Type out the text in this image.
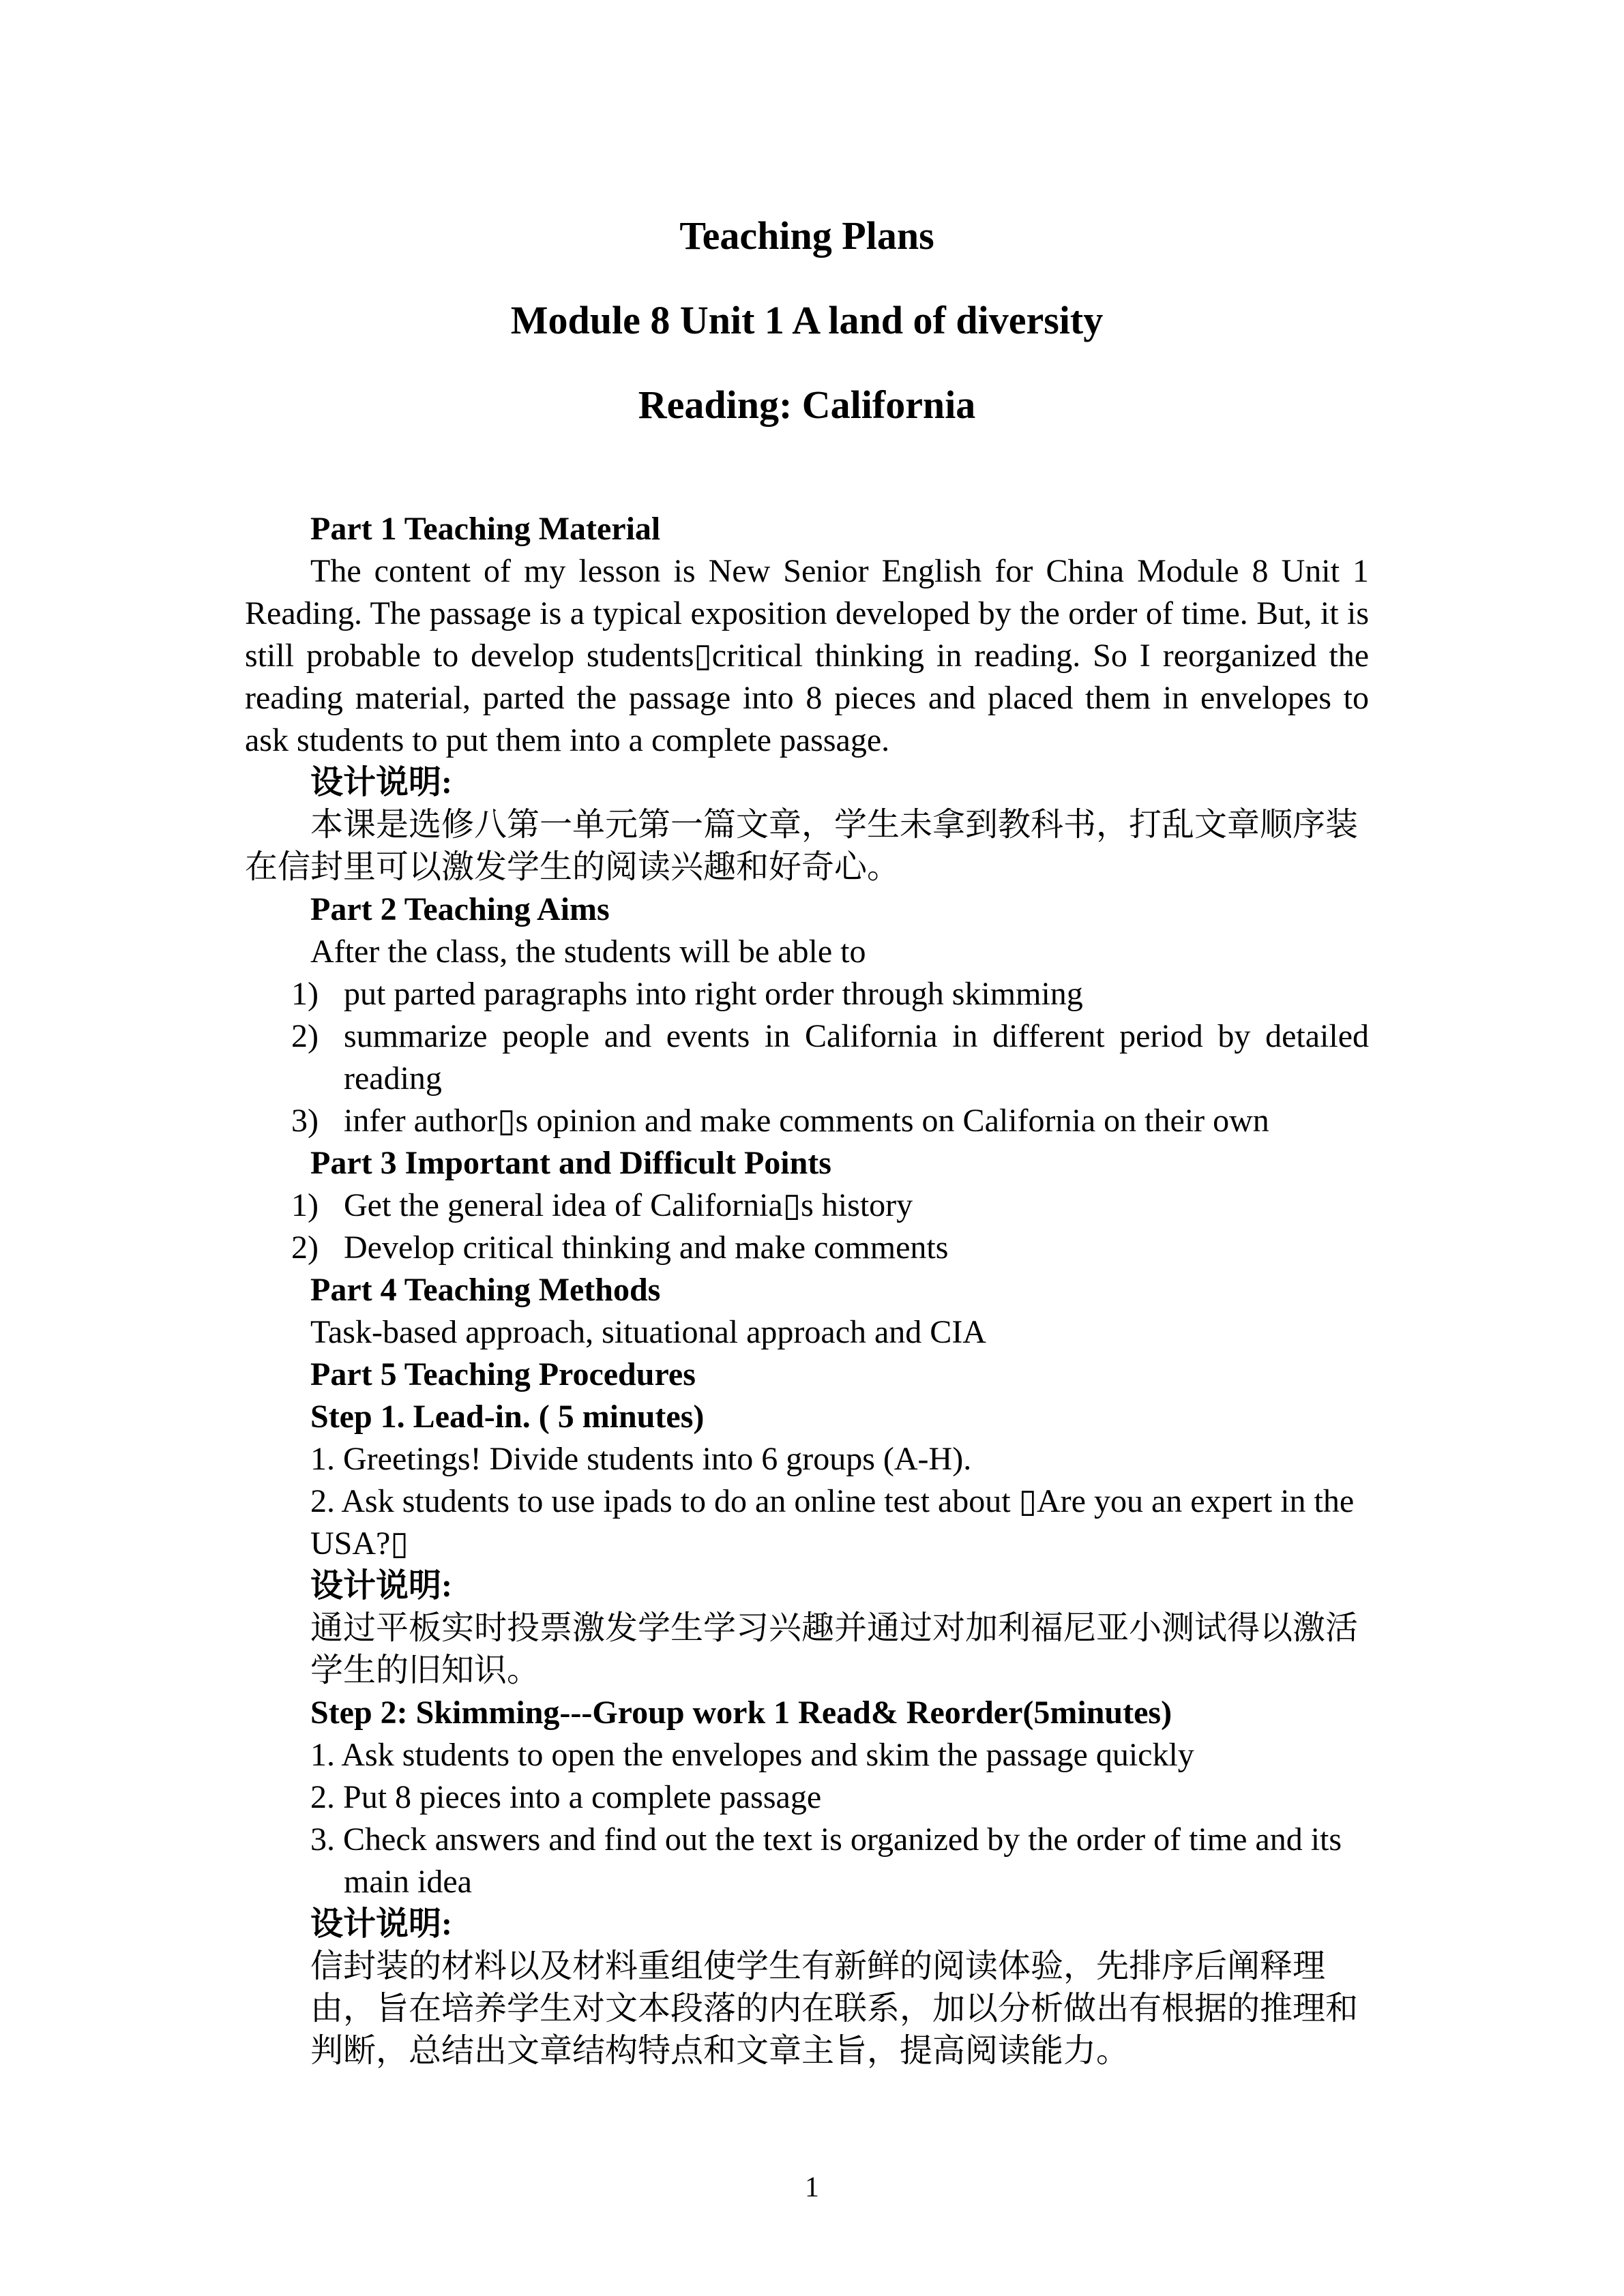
Teaching Plans
Module 8 Unit 1 A land of diversity
Reading: California

Part 1 Teaching Material

The content of my lesson is New Senior English for China Module 8 Unit 1 Reading. The passage is a typical exposition developed by the order of time. But, it is still probable to develop students▯critical thinking in reading. So I reorganized the reading material, parted the passage into 8 pieces and placed them in envelopes to ask students to put them into a complete passage.

设计说明:

本课是选修八第一单元第一篇文章，学生未拿到教科书，打乱文章顺序装在信封里可以激发学生的阅读兴趣和好奇心。

Part 2 Teaching Aims

After the class, the students will be able to

1) put parted paragraphs into right order through skimming
2) summarize people and events in California in different period by detailed reading
3) infer author▯s opinion and make comments on California on their own

Part 3 Important and Difficult Points

1) Get the general idea of California▯s history
2) Develop critical thinking and make comments

Part 4 Teaching Methods

Task-based approach, situational approach and CIA

Part 5 Teaching Procedures

Step 1. Lead-in. ( 5 minutes)

1. Greetings! Divide students into 6 groups (A-H).

2. Ask students to use ipads to do an online test about ▯Are you an expert in the USA?▯

设计说明:

通过平板实时投票激发学生学习兴趣并通过对加利福尼亚小测试得以激活学生的旧知识。

Step 2: Skimming---Group work 1 Read& Reorder(5minutes)

1. Ask students to open the envelopes and skim the passage quickly

2. Put 8 pieces into a complete passage

3. Check answers and find out the text is organized by the order of time and its main idea

设计说明:

信封装的材料以及材料重组使学生有新鲜的阅读体验，先排序后阐释理由，旨在培养学生对文本段落的内在联系，加以分析做出有根据的推理和判断，总结出文章结构特点和文章主旨，提高阅读能力。

1
